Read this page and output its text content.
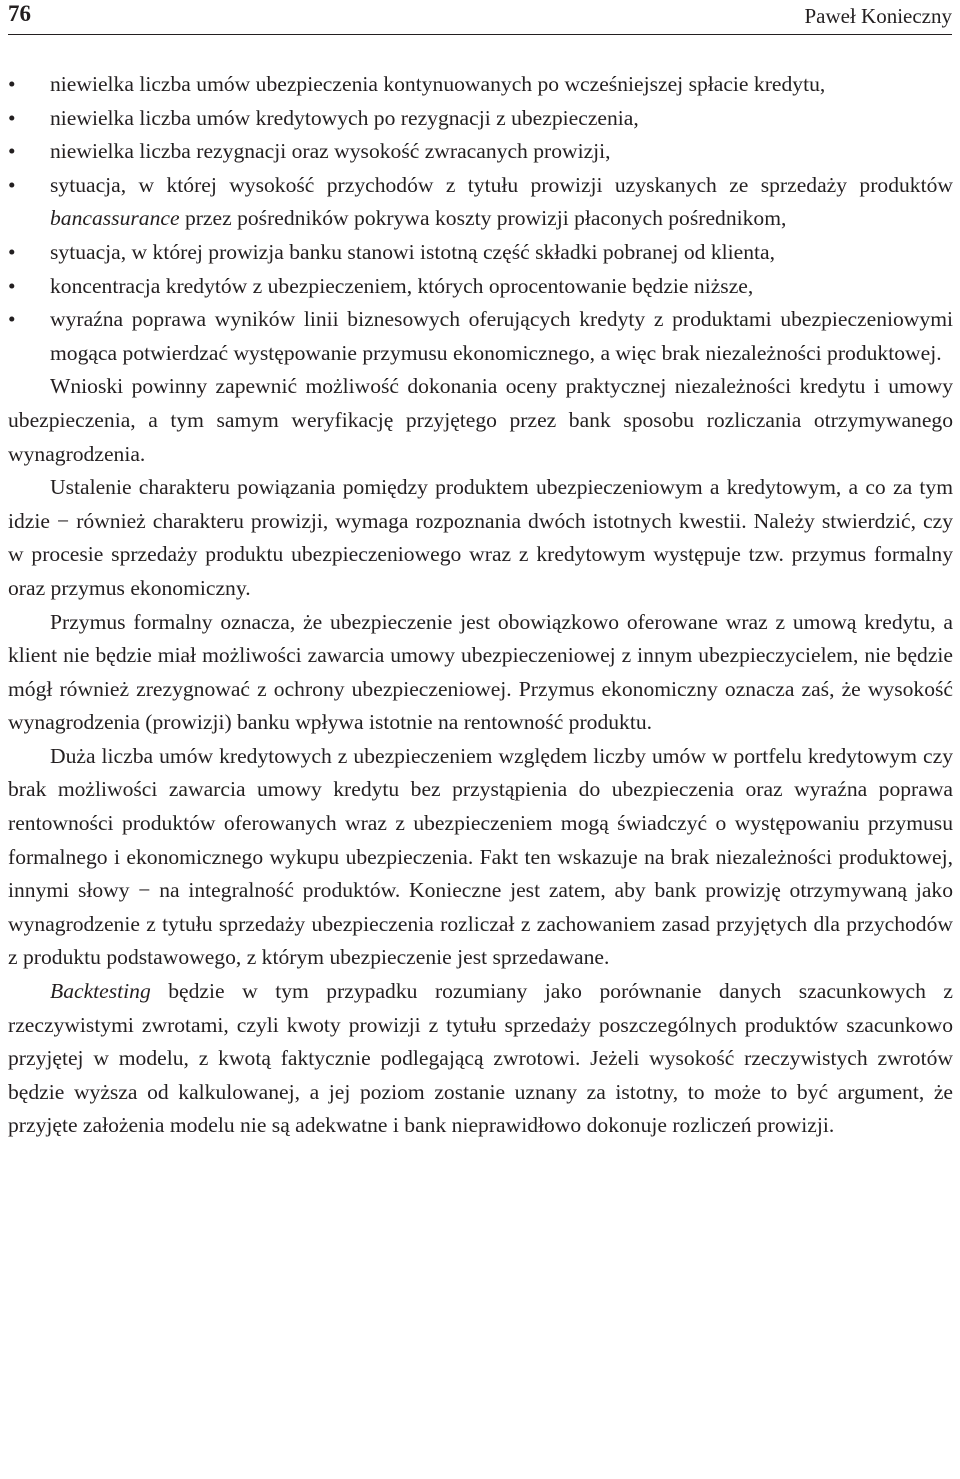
76	Paweł Konieczny
•	niewielka liczba umów ubezpieczenia kontynuowanych po wcześniejszej spłacie kredytu,
•	niewielka liczba umów kredytowych po rezygnacji z ubezpieczenia,
•	niewielka liczba rezygnacji oraz wysokość zwracanych prowizji,
•	sytuacja, w której wysokość przychodów z tytułu prowizji uzyskanych ze sprzedaży produktów bancassurance przez pośredników pokrywa koszty prowizji płaconych pośrednikom,
•	sytuacja, w której prowizja banku stanowi istotną część składki pobranej od klienta,
•	koncentracja kredytów z ubezpieczeniem, których oprocentowanie będzie niższe,
•	wyraźna poprawa wyników linii biznesowych oferujących kredyty z produktami ubezpieczeniowymi mogąca potwierdzać występowanie przymusu ekonomicznego, a więc brak niezależności produktowej.

Wnioski powinny zapewnić możliwość dokonania oceny praktycznej niezależności kredytu i umowy ubezpieczenia, a tym samym weryfikację przyjętego przez bank sposobu rozliczania otrzymywanego wynagrodzenia.

Ustalenie charakteru powiązania pomiędzy produktem ubezpieczeniowym a kredytowym, a co za tym idzie − również charakteru prowizji, wymaga rozpoznania dwóch istotnych kwestii. Należy stwierdzić, czy w procesie sprzedaży produktu ubezpieczeniowego wraz z kredytowym występuje tzw. przymus formalny oraz przymus ekonomiczny.

Przymus formalny oznacza, że ubezpieczenie jest obowiązkowo oferowane wraz z umową kredytu, a klient nie będzie miał możliwości zawarcia umowy ubezpieczeniowej z innym ubezpieczycielem, nie będzie mógł również zrezygnować z ochrony ubezpieczeniowej. Przymus ekonomiczny oznacza zaś, że wysokość wynagrodzenia (prowizji) banku wpływa istotnie na rentowność produktu.

Duża liczba umów kredytowych z ubezpieczeniem względem liczby umów w portfelu kredytowym czy brak możliwości zawarcia umowy kredytu bez przystąpienia do ubezpieczenia oraz wyraźna poprawa rentowności produktów oferowanych wraz z ubezpieczeniem mogą świadczyć o występowaniu przymusu formalnego i ekonomicznego wykupu ubezpieczenia. Fakt ten wskazuje na brak niezależności produktowej, innymi słowy − na integralność produktów. Konieczne jest zatem, aby bank prowizję otrzymywaną jako wynagrodzenie z tytułu sprzedaży ubezpieczenia rozliczał z zachowaniem zasad przyjętych dla przychodów z produktu podstawowego, z którym ubezpieczenie jest sprzedawane.

Backtesting będzie w tym przypadku rozumiany jako porównanie danych szacunkowych z rzeczywistymi zwrotami, czyli kwoty prowizji z tytułu sprzedaży poszczególnych produktów szacunkowo przyjętej w modelu, z kwotą faktycznie podlegającą zwrotowi. Jeżeli wysokość rzeczywistych zwrotów będzie wyższa od kalkulowanej, a jej poziom zostanie uznany za istotny, to może to być argument, że przyjęte założenia modelu nie są adekwatne i bank nieprawidłowo dokonuje rozliczeń prowizji.
